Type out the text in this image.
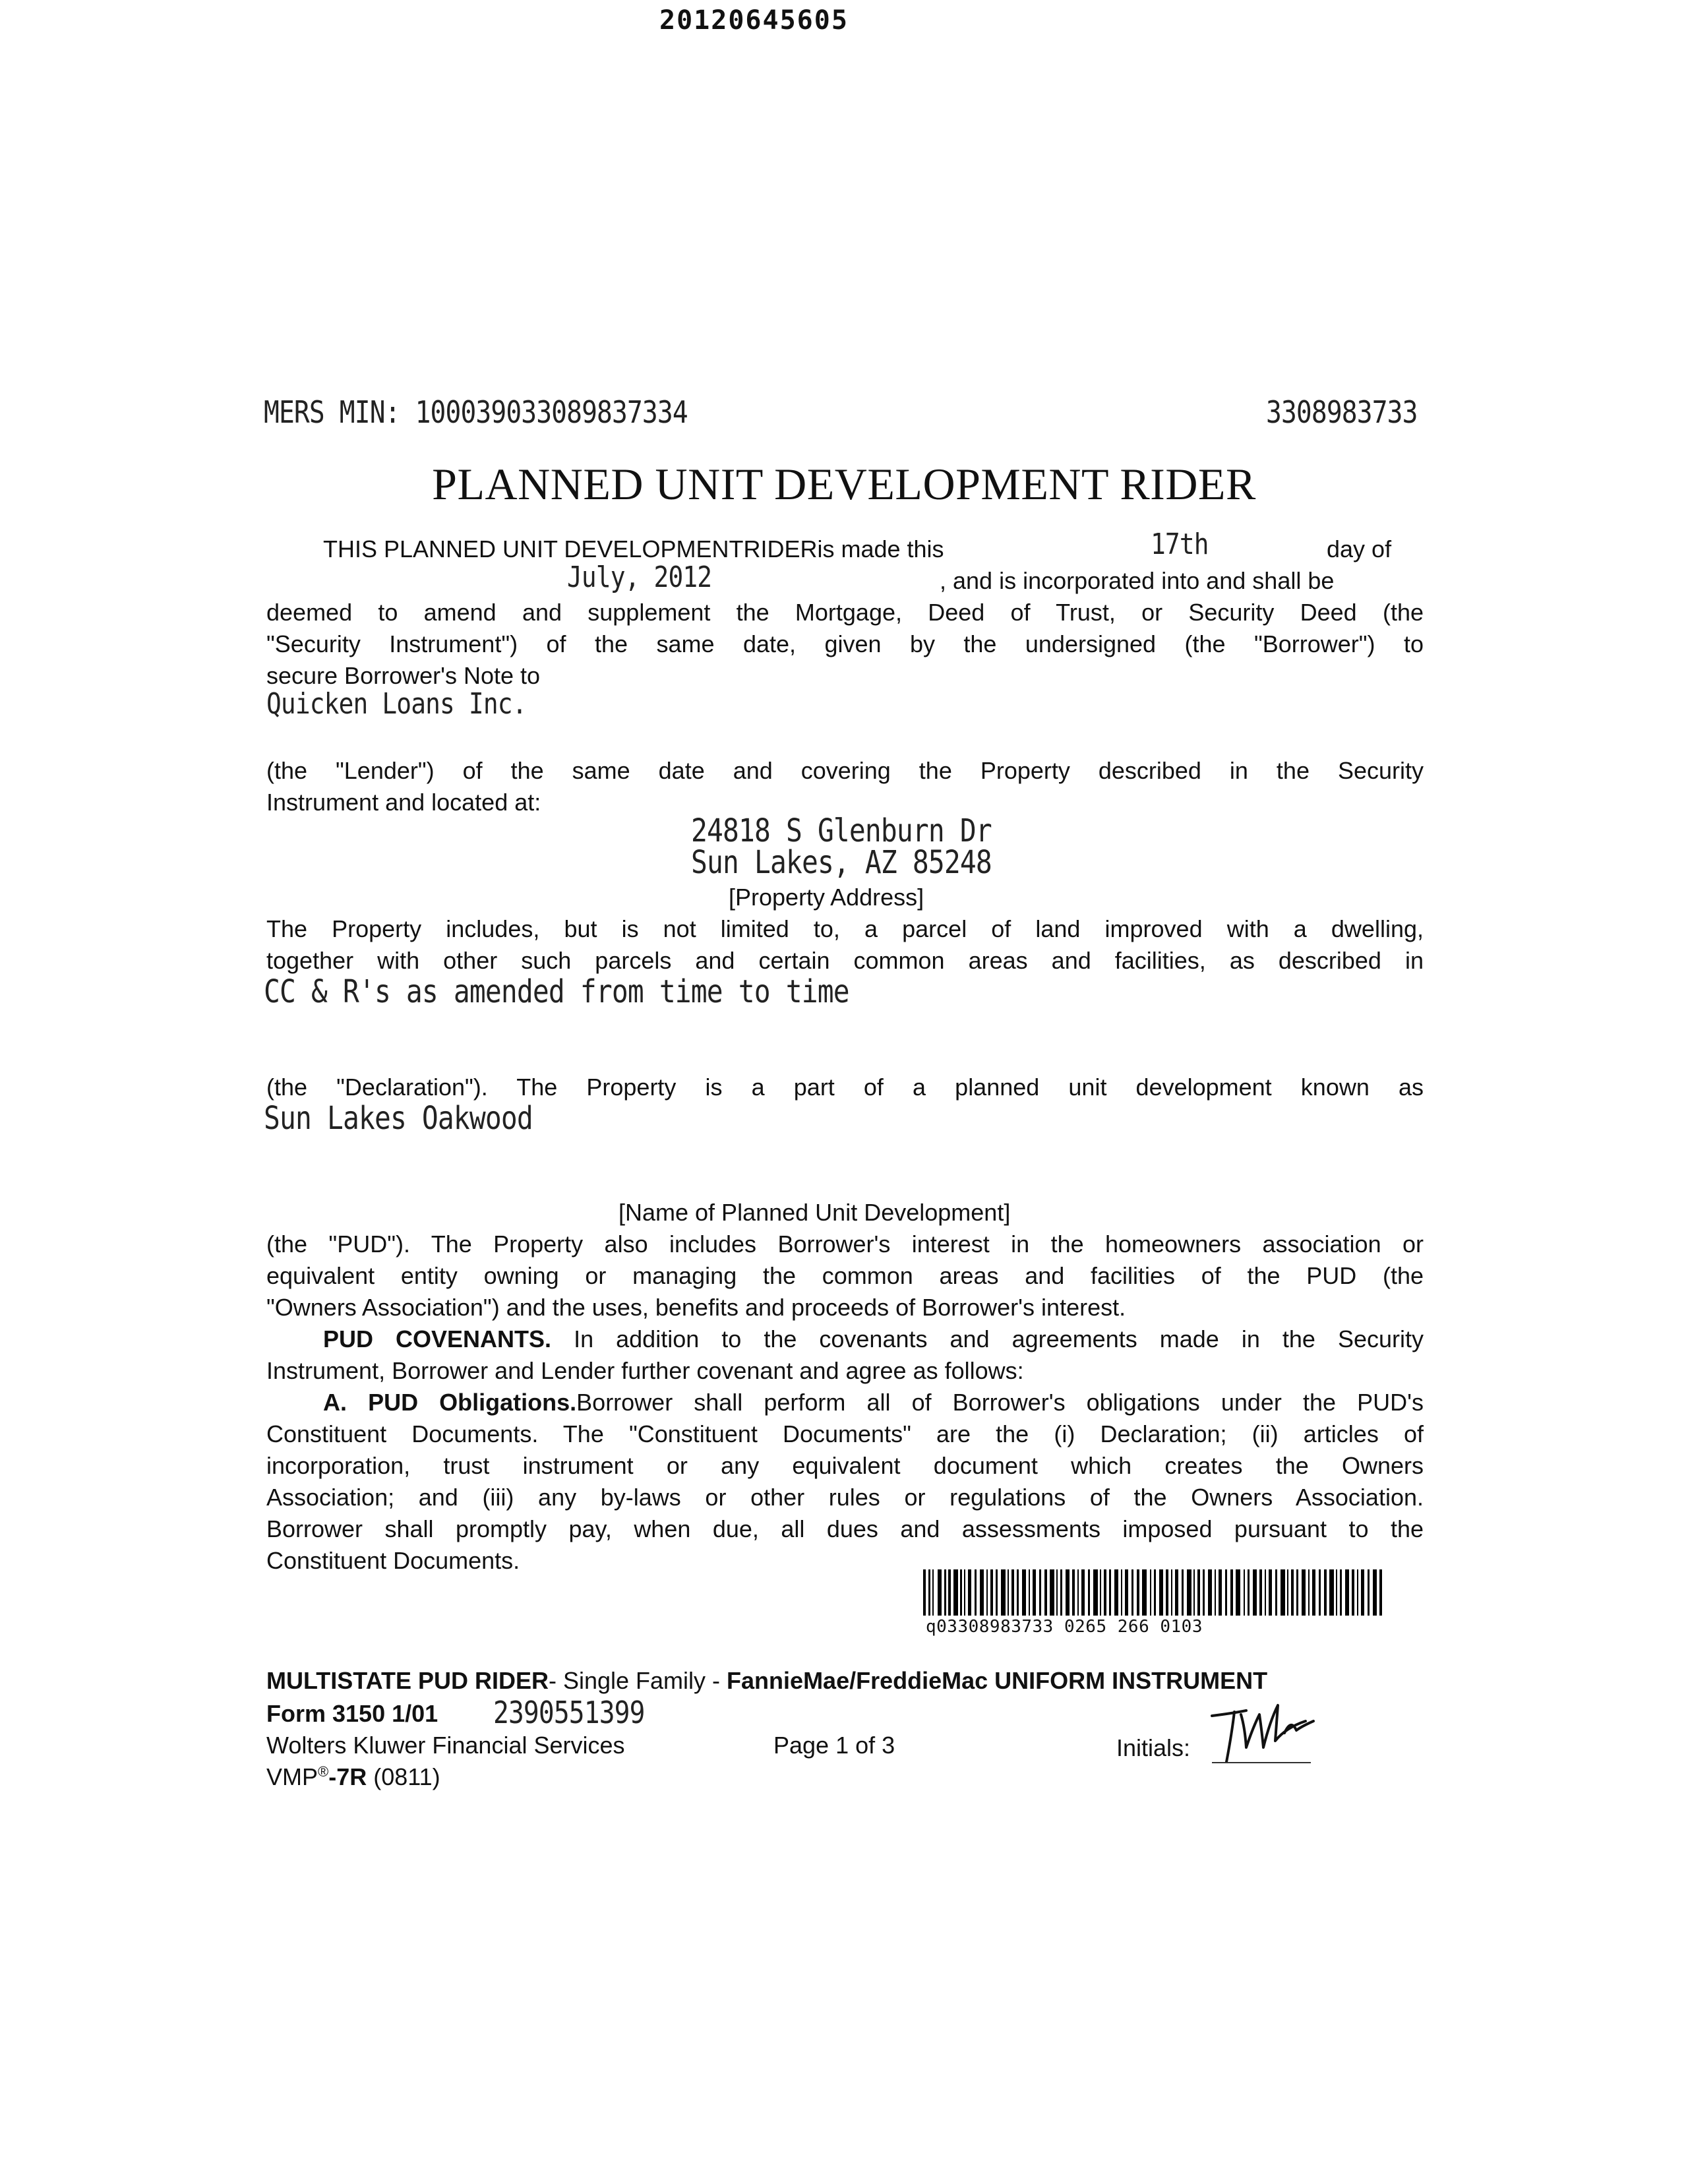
20120645605
MERS MIN: 100039033089837334	3308983733
PLANNED UNIT DEVELOPMENT RIDER
THIS PLANNED UNIT DEVELOPMENTRIDERis made this	17th	day of
July, 2012	, and is incorporated into and shall be
deemed to amend and supplement the Mortgage, Deed of Trust, or Security Deed (the
"Security Instrument") of the same date, given by the undersigned (the "Borrower") to
secure Borrower's Note to
Quicken Loans Inc.
(the "Lender") of the same date and covering the Property described in the Security
Instrument and located at:
24818 S Glenburn Dr
Sun Lakes, AZ 85248
[Property Address]
The Property includes, but is not limited to, a parcel of land improved with a dwelling,
together with other such parcels and certain common areas and facilities, as described in
CC & R's as amended from time to time
(the "Declaration"). The Property is a part of a planned unit development known as
Sun Lakes Oakwood
[Name of Planned Unit Development]
(the "PUD"). The Property also includes Borrower's interest in the homeowners association or
equivalent entity owning or managing the common areas and facilities of the PUD (the
"Owners Association") and the uses, benefits and proceeds of Borrower's interest.
PUD COVENANTS. In addition to the covenants and agreements made in the Security
Instrument, Borrower and Lender further covenant and agree as follows:
A. PUD Obligations.Borrower shall perform all of Borrower's obligations under the PUD's
Constituent Documents. The "Constituent Documents" are the (i) Declaration; (ii) articles of
incorporation, trust instrument or any equivalent document which creates the Owners
Association; and (iii) any by-laws or other rules or regulations of the Owners Association.
Borrower shall promptly pay, when due, all dues and assessments imposed pursuant to the
Constituent Documents.
q03308983733 0265 266 0103
MULTISTATE PUD RIDER- Single Family - FannieMae/FreddieMac UNIFORM INSTRUMENT
Form 3150 1/01 2390551399
Wolters Kluwer Financial Services	Page 1 of 3	Initials:
VMP®-7R (0811)
